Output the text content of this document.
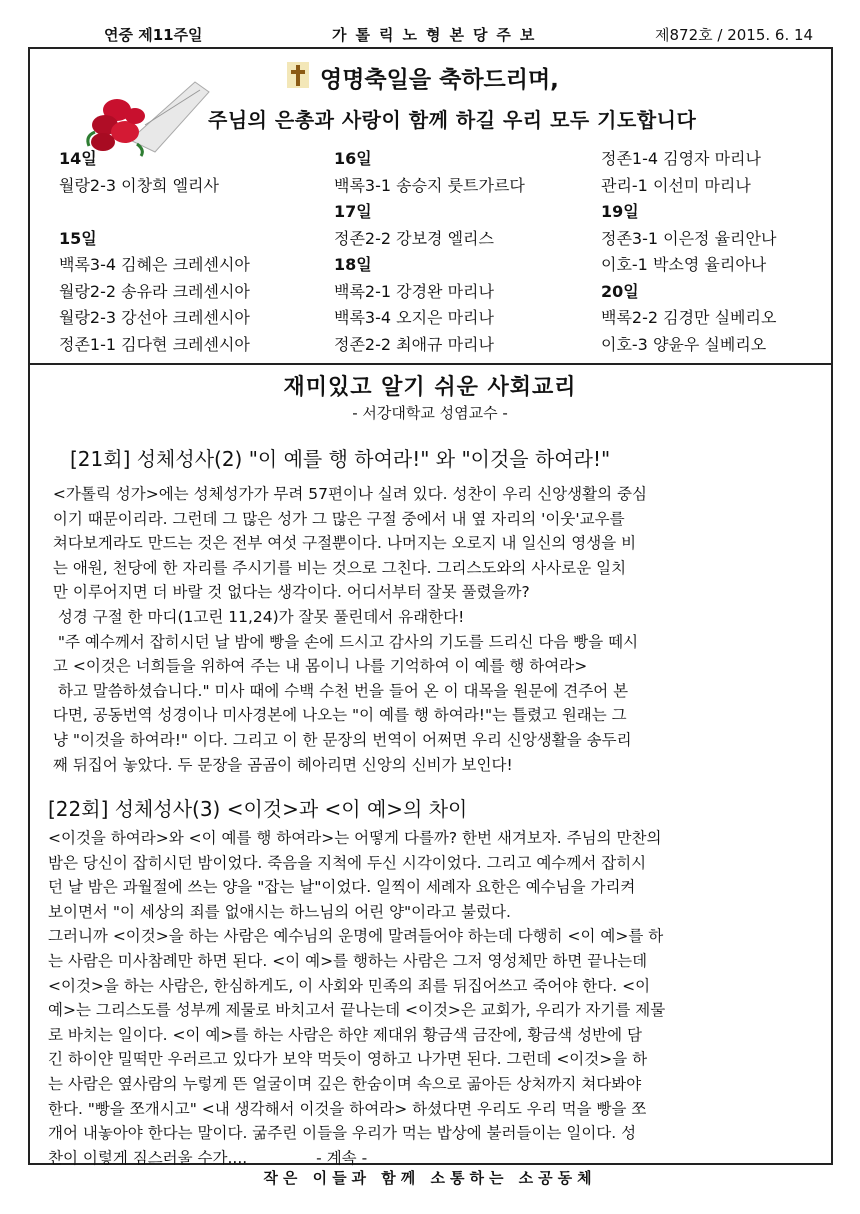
연중 제11주일	가톨릭노형본당주보	제872호 / 2015. 6. 14
영명축일을 축하드리며,
주님의 은총과 사랑이 함께 하길 우리 모두 기도합니다
14일
월랑2-3 이창희 엘리사
15일
백록3-4 김혜은 크레센시아
월랑2-2 송유라 크레센시아
월랑2-3 강선아 크레센시아
정존1-1 김다현 크레센시아
16일
백록3-1 송승지 룻트가르다
17일
정존2-2 강보경 엘리스
18일
백록2-1 강경완 마리나
백록3-4 오지은 마리나
정존2-2 최애규 마리나
정존1-4 김영자 마리나
관리-1 이선미 마리나
19일
정존3-1 이은정 율리안나
이호-1 박소영 율리아나
20일
백록2-2 김경만 실베리오
이호-3 양윤우 실베리오
재미있고 알기 쉬운 사회교리
- 서강대학교 성염교수 -
[21회] 성체성사(2) "이 예를 행 하여라!" 와 "이것을 하여라!"
<가톨릭 성가>에는 성체성가가 무려 57편이나 실려 있다. 성찬이 우리 신앙생활의 중심
이기 때문이리라. 그런데 그 많은 성가 그 많은 구절 중에서 내 옆 자리의 '이웃'교우를
쳐다보게라도 만드는 것은 전부 여섯 구절뿐이다. 나머지는 오로지 내 일신의 영생을 비
는 애원, 천당에 한 자리를 주시기를 비는 것으로 그친다. 그리스도와의 사사로운 일치
만 이루어지면 더 바랄 것 없다는 생각이다. 어디서부터 잘못 풀렸을까?
성경 구절 한 마디(1고린 11,24)가 잘못 풀린데서 유래한다!
"주 예수께서 잡히시던 날 밤에 빵을 손에 드시고 감사의 기도를 드리신 다음 빵을 떼시
고 <이것은 너희들을 위하여 주는 내 몸이니 나를 기억하여 이 예를 행 하여라>
하고 말씀하셨습니다." 미사 때에 수백 수천 번을 들어 온 이 대목을 원문에 견주어 본
다면, 공동번역 성경이나 미사경본에 나오는 "이 예를 행 하여라!"는 틀렸고 원래는 그
냥 "이것을 하여라!" 이다. 그리고 이 한 문장의 번역이 어쩌면 우리 신앙생활을 송두리
째 뒤집어 놓았다. 두 문장을 곰곰이 헤아리면 신앙의 신비가 보인다!
[22회] 성체성사(3) <이것>과 <이 예>의 차이
<이것을 하여라>와 <이 예를 행 하여라>는 어떻게 다를까? 한번 새겨보자. 주님의 만찬의
밤은 당신이 잡히시던 밤이었다. 죽음을 지척에 두신 시각이었다. 그리고 예수께서 잡히시
던 날 밤은 과월절에 쓰는 양을 "잡는 날"이었다. 일찍이 세례자 요한은 예수님을 가리켜
보이면서 "이 세상의 죄를 없애시는 하느님의 어린 양"이라고 불렀다.
그러니까 <이것>을 하는 사람은 예수님의 운명에 말려들어야 하는데 다행히 <이 예>를 하
는 사람은 미사참례만 하면 된다. <이 예>를 행하는 사람은 그저 영성체만 하면 끝나는데
<이것>을 하는 사람은, 한심하게도, 이 사회와 민족의 죄를 뒤집어쓰고 죽어야 한다. <이
예>는 그리스도를 성부께 제물로 바치고서 끝나는데 <이것>은 교회가, 우리가 자기를 제물
로 바치는 일이다. <이 예>를 하는 사람은 하얀 제대위 황금색 금잔에, 황금색 성반에 담
긴 하이얀 밀떡만 우러르고 있다가 보약 먹듯이 영하고 나가면 된다. 그런데 <이것>을 하
는 사람은 옆사람의 누렇게 뜬 얼굴이며 깊은 한숨이며 속으로 곪아든 상처까지 쳐다봐야
한다. "빵을 쪼개시고" <내 생각해서 이것을 하여라> 하셨다면 우리도 우리 먹을 빵을 쪼
개어 내놓아야 한다는 말이다. 굶주린 이들을 우리가 먹는 밥상에 불러들이는 일이다. 성
찬이 이렇게 짐스러울 수가....              - 계속 -
작은 이들과 함께 소통하는 소공동체
